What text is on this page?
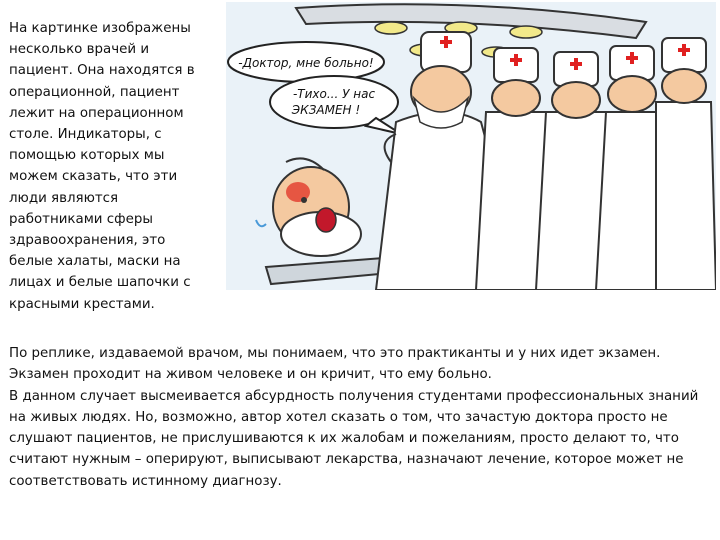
На картинке изображены
несколько врачей и
пациент. Она находятся в
операционной, пациент
лежит на операционном
столе. Индикаторы, с
помощью которых мы
можем сказать, что эти
люди являются
работниками сферы
здравоохранения, это
белые халаты, маски на
лицах и белые шапочки с
красными крестами.

-Доктор, мне больно!
-Тихо... У нас
ЭКЗАМЕН !

По реплике, издаваемой врачом, мы понимаем, что это практиканты и у них идет экзамен. Экзамен проходит на живом человеке и он кричит, что ему больно.

В данном случает высмеивается абсурдность получения студентами профессиональных знаний на живых людях. Но, возможно, автор хотел сказать о том, что зачастую доктора просто не слушают пациентов, не прислушиваются к их жалобам и пожеланиям, просто делают то, что считают нужным – оперируют, выписывают лекарства, назначают лечение, которое может не соответствовать истинному диагнозу.
